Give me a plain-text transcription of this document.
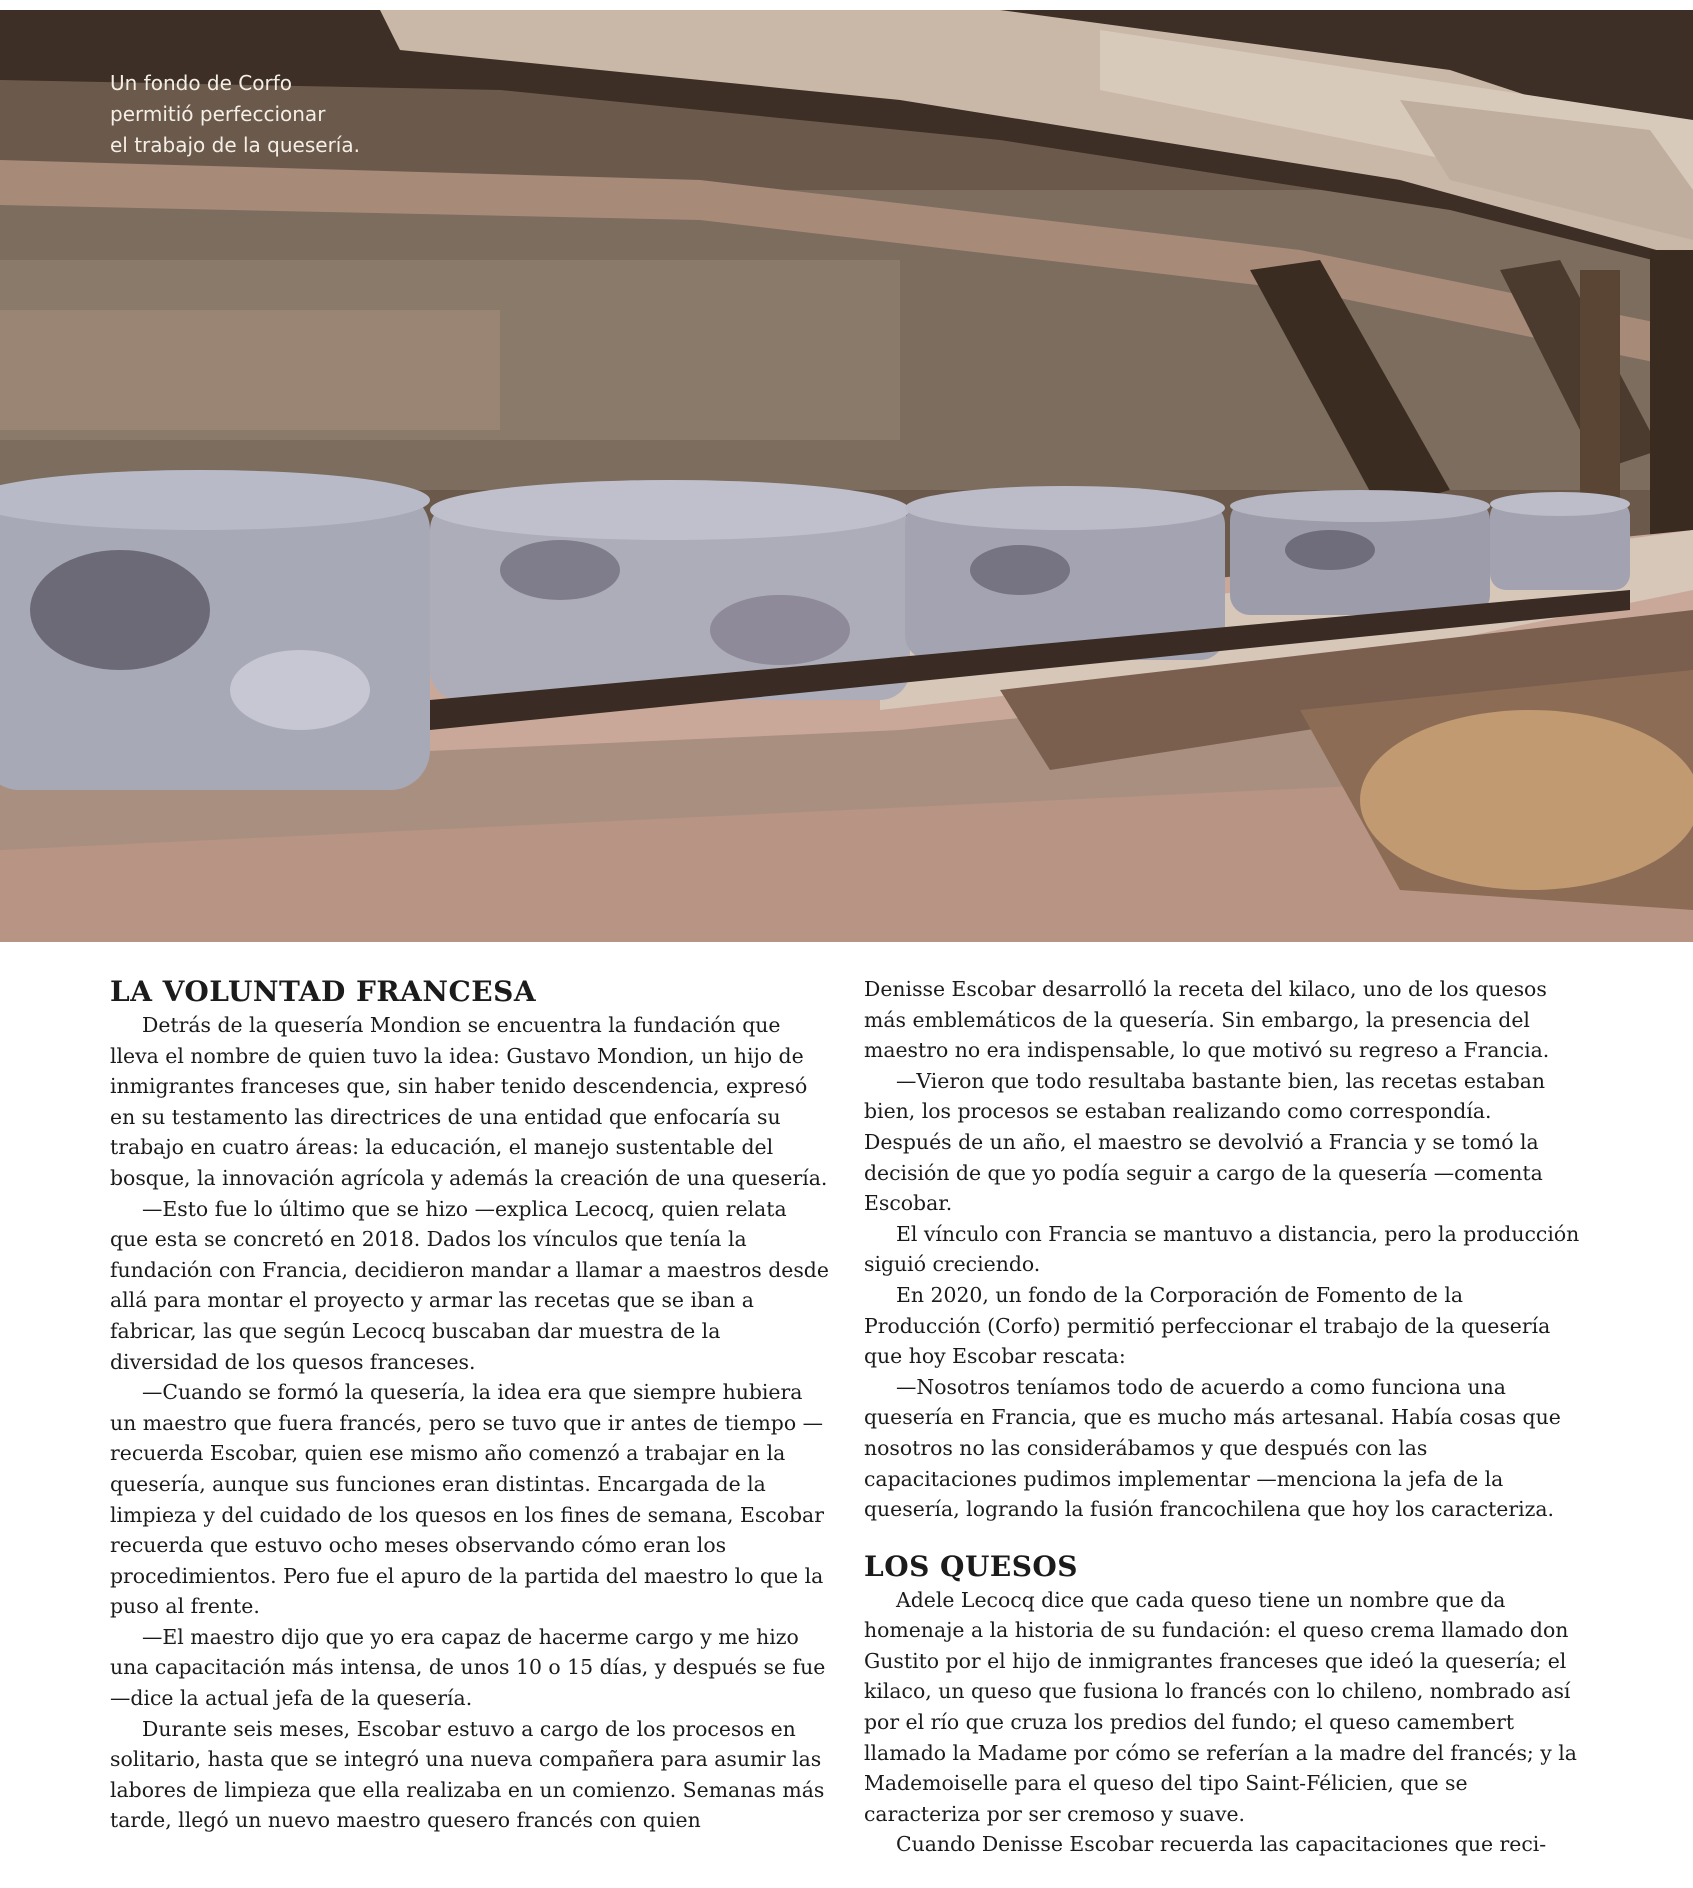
Un fondo de Corfo
permitió perfeccionar
el trabajo de la quesería.

LA VOLUNTAD FRANCESA

Detrás de la quesería Mondion se encuentra la fundación que lleva el nombre de quien tuvo la idea: Gustavo Mondion, un hijo de inmigrantes franceses que, sin haber tenido descendencia, expresó en su testamento las directrices de una entidad que enfocaría su trabajo en cuatro áreas: la educación, el manejo sustentable del bosque, la innovación agrícola y además la creación de una quesería.

—Esto fue lo último que se hizo —explica Lecocq, quien relata que esta se concretó en 2018. Dados los vínculos que tenía la fundación con Francia, decidieron mandar a llamar a maestros desde allá para montar el proyecto y armar las recetas que se iban a fabricar, las que según Lecocq buscaban dar muestra de la diversidad de los quesos franceses.

—Cuando se formó la quesería, la idea era que siempre hubiera un maestro que fuera francés, pero se tuvo que ir antes de tiempo —recuerda Escobar, quien ese mismo año comenzó a trabajar en la quesería, aunque sus funciones eran distintas. Encargada de la limpieza y del cuidado de los quesos en los fines de semana, Escobar recuerda que estuvo ocho meses observando cómo eran los procedimientos. Pero fue el apuro de la partida del maestro lo que la puso al frente.

—El maestro dijo que yo era capaz de hacerme cargo y me hizo una capacitación más intensa, de unos 10 o 15 días, y después se fue —dice la actual jefa de la quesería.

Durante seis meses, Escobar estuvo a cargo de los procesos en solitario, hasta que se integró una nueva compañera para asumir las labores de limpieza que ella realizaba en un comienzo. Semanas más tarde, llegó un nuevo maestro quesero francés con quien

Denisse Escobar desarrolló la receta del kilaco, uno de los quesos más emblemáticos de la quesería. Sin embargo, la presencia del maestro no era indispensable, lo que motivó su regreso a Francia.

—Vieron que todo resultaba bastante bien, las recetas estaban bien, los procesos se estaban realizando como correspondía. Después de un año, el maestro se devolvió a Francia y se tomó la decisión de que yo podía seguir a cargo de la quesería —comenta Escobar.

El vínculo con Francia se mantuvo a distancia, pero la producción siguió creciendo.

En 2020, un fondo de la Corporación de Fomento de la Producción (Corfo) permitió perfeccionar el trabajo de la quesería que hoy Escobar rescata:

—Nosotros teníamos todo de acuerdo a como funciona una quesería en Francia, que es mucho más artesanal. Había cosas que nosotros no las considerábamos y que después con las capacitaciones pudimos implementar —menciona la jefa de la quesería, logrando la fusión francochilena que hoy los caracteriza.

LOS QUESOS

Adele Lecocq dice que cada queso tiene un nombre que da homenaje a la historia de su fundación: el queso crema llamado don Gustito por el hijo de inmigrantes franceses que ideó la quesería; el kilaco, un queso que fusiona lo francés con lo chileno, nombrado así por el río que cruza los predios del fundo; el queso camembert llamado la Madame por cómo se referían a la madre del francés; y la Mademoiselle para el queso del tipo Saint-Félicien, que se caracteriza por ser cremoso y suave.

Cuando Denisse Escobar recuerda las capacitaciones que reci-
